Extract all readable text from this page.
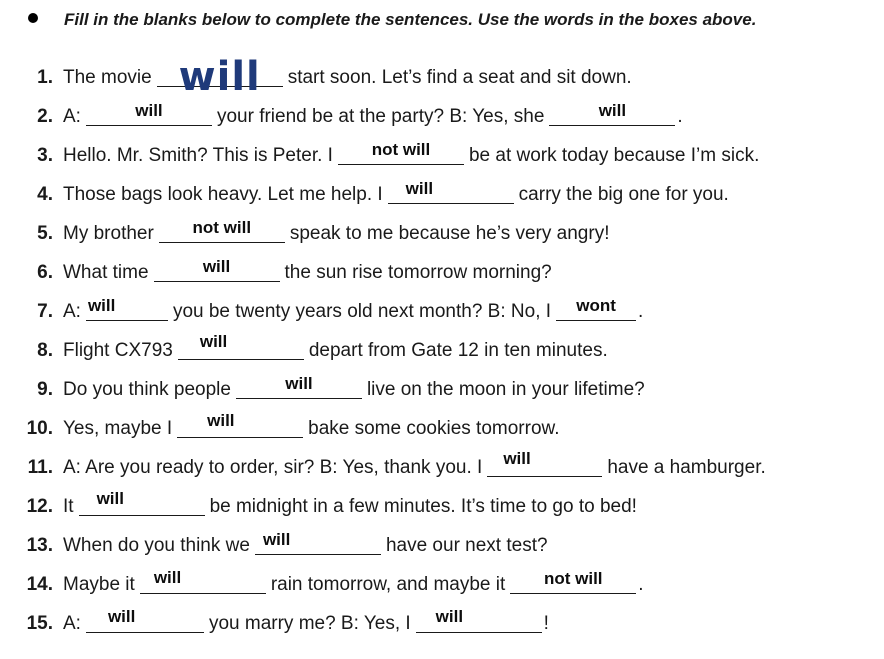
Fill in the blanks below to complete the sentences. Use the words in the boxes above.
1. The movie will	start soon. Let’s find a seat and sit down.
2. A:	will	your friend be at the party? B: Yes, she	will	.
3. Hello. Mr. Smith? This is Peter. I	not will	be at work today because I’m sick.
4. Those bags look heavy. Let me help. I	will	carry the big one for you.
5. My brother	not will	speak to me because he’s very angry!
6. What time	will	the sun rise tomorrow morning?
7. A: will	you be twenty years old next month? B: No, I	wont	.
8. Flight CX793	will	depart from Gate 12 in ten minutes.
9. Do you think people	will	live on the moon in your lifetime?
10. Yes, maybe I	will	bake some cookies tomorrow.
11. A: Are you ready to order, sir? B: Yes, thank you. I	will	have a hamburger.
12. It	will	be midnight in a few minutes. It’s time to go to bed!
13. When do you think we will	have our next test?
14. Maybe it	will	rain tomorrow, and maybe it	not will	.
15. A:	will	you marry me? B: Yes, I	will	!
